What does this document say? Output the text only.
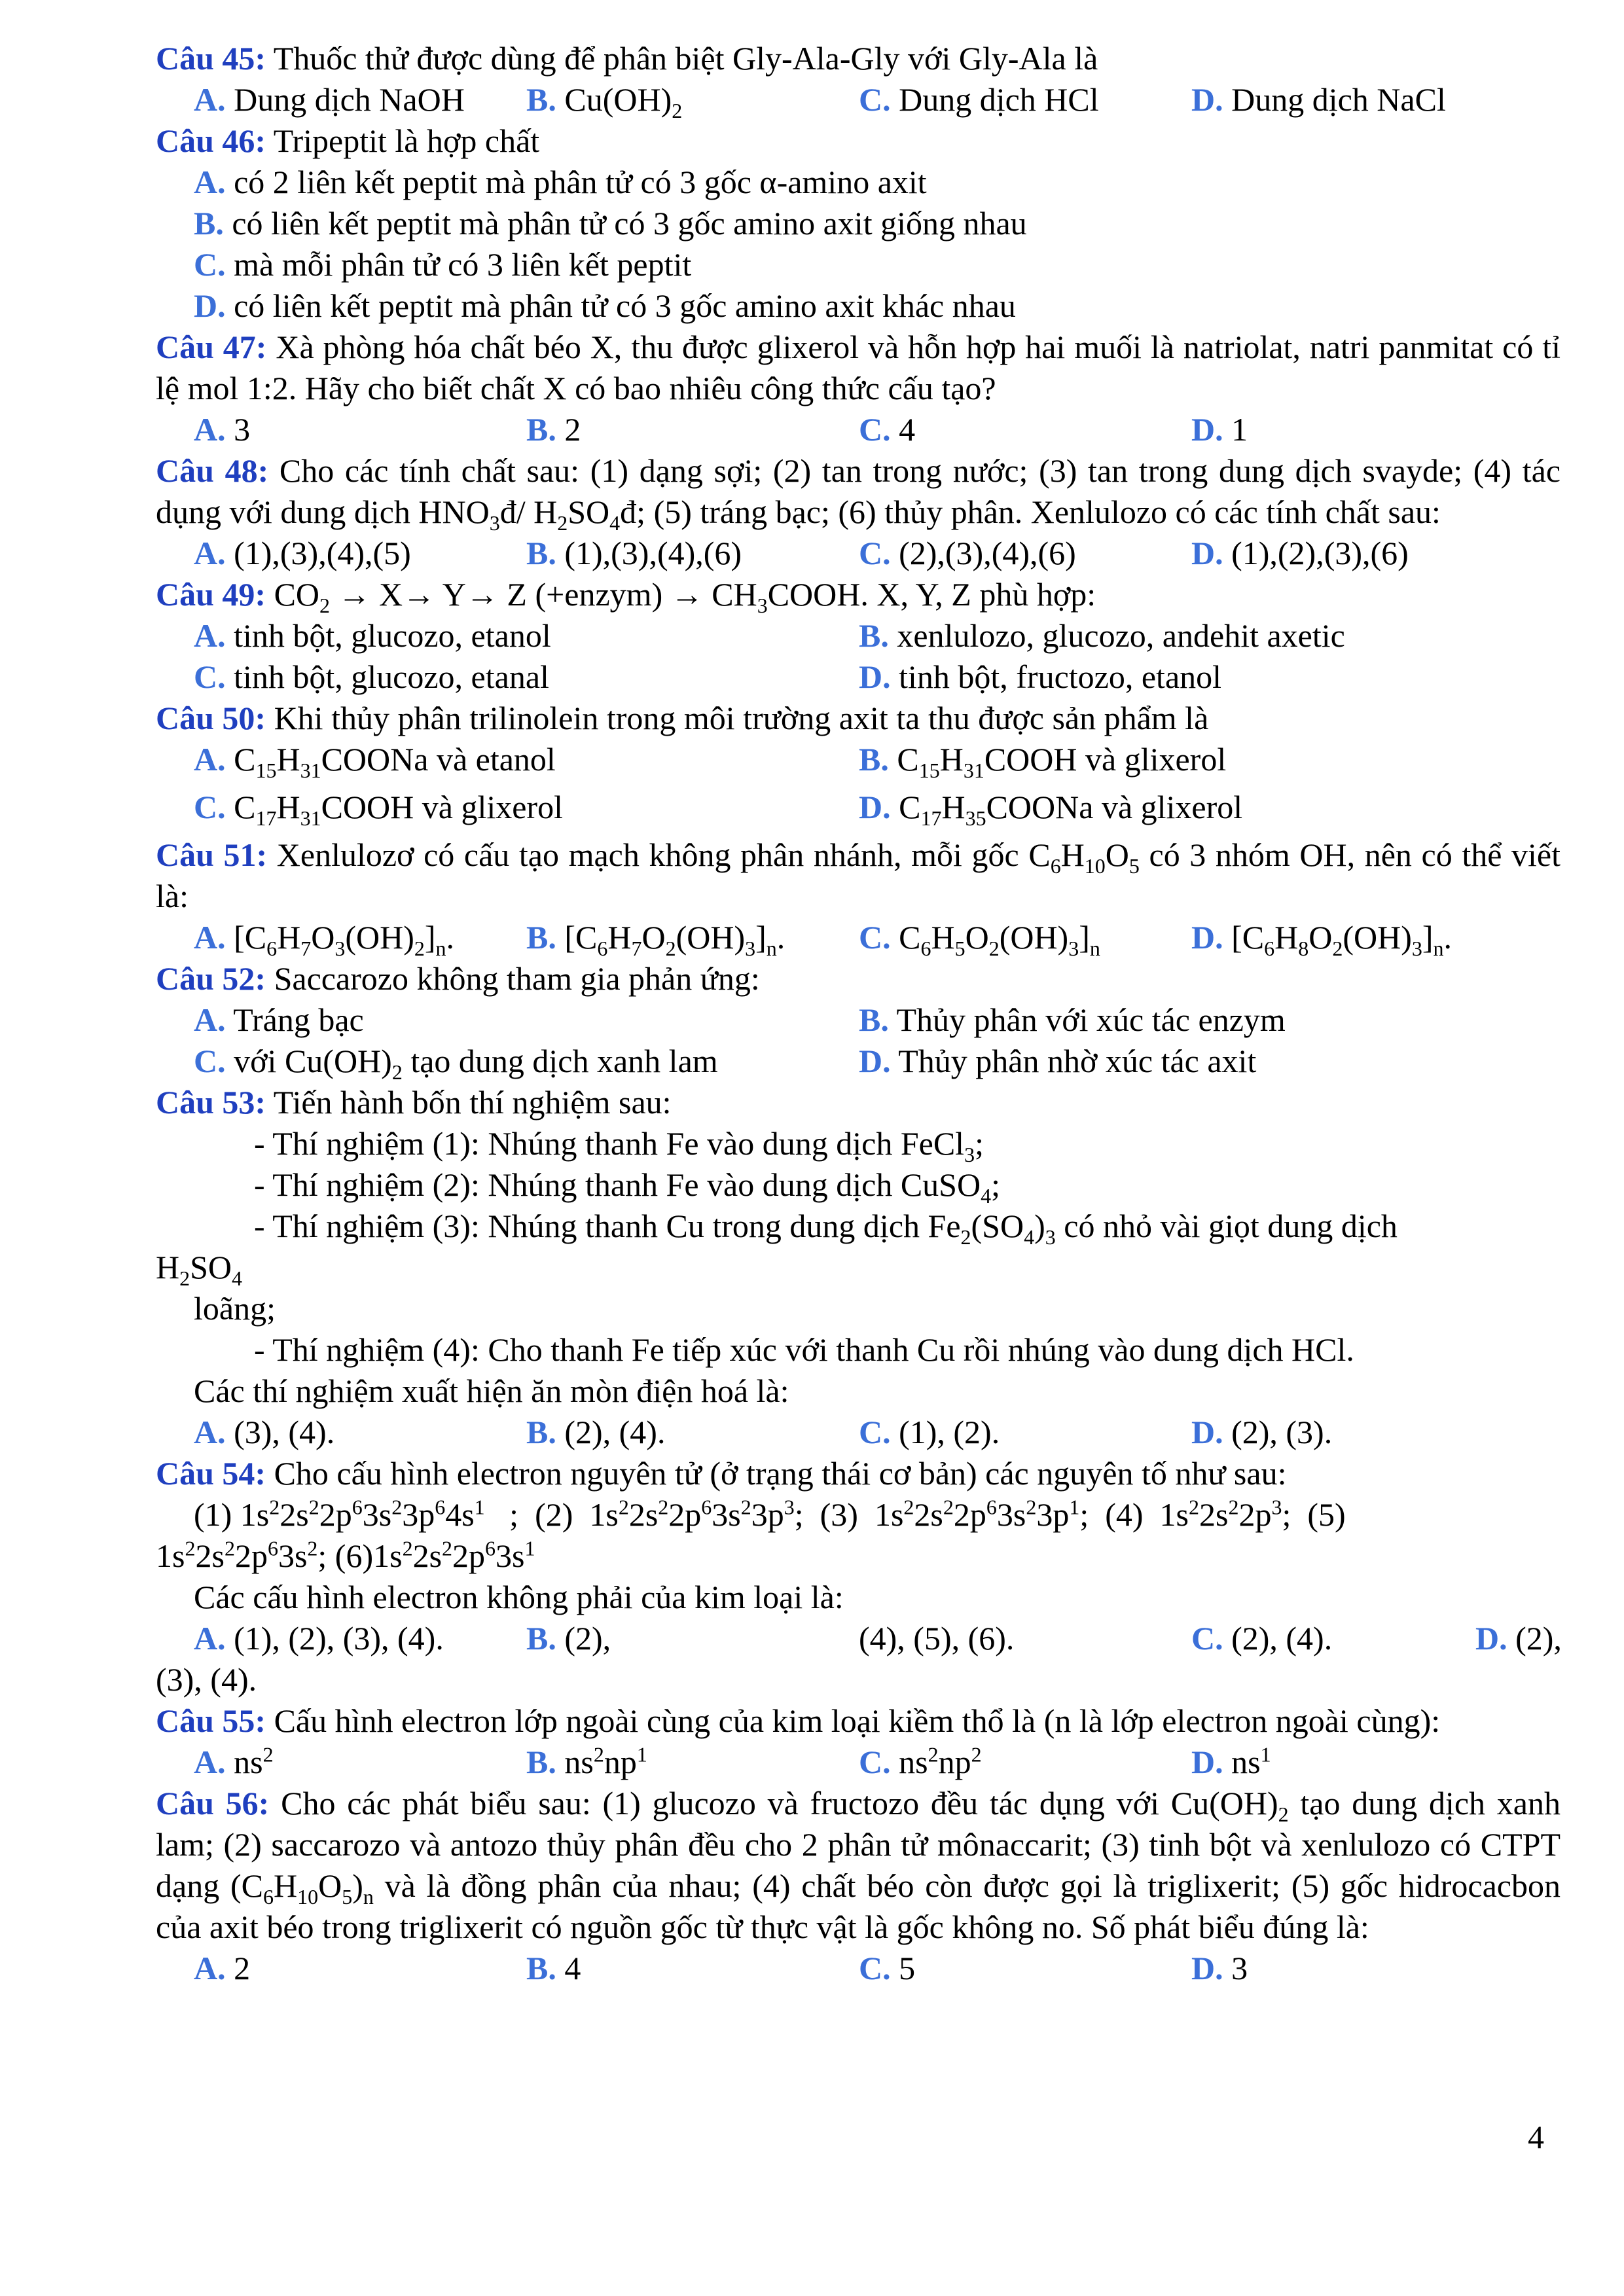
Câu 45: Thuốc thử được dùng để phân biệt Gly-Ala-Gly với Gly-Ala là
A. Dung dịch NaOH B. $Cu(OH)_2$	C. Dung dịch HCl	D. Dung dịch NaCl
Câu 46: Tripeptit là hợp chất
A. có 2 liên kết peptit mà phân tử có 3 gốc α-amino axit
B. có liên kết peptit mà phân tử có 3 gốc amino axit giống nhau
C. mà mỗi phân tử có 3 liên kết peptit
D. có liên kết peptit mà phân tử có 3 gốc amino axit khác nhau
Câu 47: Xà phòng hóa chất béo X, thu được glixerol và hỗn hợp hai muối là natriolat, natri panmitat có tỉ lệ mol 1:2. Hãy cho biết chất X có bao nhiêu công thức cấu tạo?
A. 3	B. 2	C. 4	D. 1
Câu 48: Cho các tính chất sau: (1) dạng sợi; (2) tan trong nước; (3) tan trong dung dịch svayde; (4) tác dụng với dung dịch $HNO_3đ/$ $H_2SO_4đ$; (5) tráng bạc; (6) thủy phân. Xenlulozo có các tính chất sau:
A. (1),(3),(4),(5)	B. (1),(3),(4),(6)	C. (2),(3),(4),(6)	D. (1),(2),(3),(6)
Câu 49: $CO_2 \to X\to Y\to Z$ (+enzym) → $CH_3COOH$. X, Y, Z phù hợp:
A. tinh bột, glucozo, etanol	B. xenlulozo, glucozo, andehit axetic
C. tinh bột, glucozo, etanal	D. tinh bột, fructozo, etanol
Câu 50: Khi thủy phân trilinolein trong môi trường axit ta thu được sản phẩm là
A. $C_{15}H_{31}COONa$ và etanol	B. $C_{15}H_{31}COOH$ và glixerol
C. $C_{17}H_{31}COOH$ và glixerol	D. $C_{17}H_{35}COONa$ và glixerol
Câu 51: Xenlulozơ có cấu tạo mạch không phân nhánh, mỗi gốc $C_6H_{10}O_5$ có 3 nhóm OH, nên có thể viết là:
A. $[C_6H_7O_3(OH)_2]_n$. B. $[C_6H_7O_2(OH)_3]_n$. C. $C_6H_5O_2(OH)_3]_n$	D. $[C_6H_8O_2(OH)_3]_n$.
Câu 52: Saccarozo không tham gia phản ứng:
A. Tráng bạc	B. Thủy phân với xúc tác enzym
C. với $Cu(OH)_2$ tạo dung dịch xanh lam	D. Thủy phân nhờ xúc tác axit
Câu 53: Tiến hành bốn thí nghiệm sau:
- Thí nghiệm (1): Nhúng thanh Fe vào dung dịch FeCl$_3$;
- Thí nghiệm (2): Nhúng thanh Fe vào dung dịch CuSO$_4$;
- Thí nghiệm (3): Nhúng thanh Cu trong dung dịch $Fe_2(SO_4)_3$ có nhỏ vài giọt dung dịch
$H_2SO_4$
loãng;
- Thí nghiệm (4): Cho thanh Fe tiếp xúc với thanh Cu rồi nhúng vào dung dịch HCl.
Các thí nghiệm xuất hiện ăn mòn điện hoá là:
A. (3), (4).	B. (2), (4).	C. (1), (2).	D. (2), (3).
Câu 54: Cho cấu hình electron nguyên tử (ở trạng thái cơ bản) các nguyên tố như sau:
(1) $1s^22s^22p^63s^23p^64s^1$   ;  (2)  $1s^22s^22p^63s^23p^3$;  (3)  $1s^22s^22p^63s^23p^1$;  (4)  $1s^22s^22p^3$;  (5)
$1s^22s^22p^63s^2$; $(6)1s^22s^22p^63s^1$
Các cấu hình electron không phải của kim loại là:
A. (1), (2), (3), (4).	B. (2),	(4), (5), (6).	C. (2), (4).	D. (2),
(3), (4).
Câu 55: Cấu hình electron lớp ngoài cùng của kim loại kiềm thổ là (n là lớp electron ngoài cùng):
A. $ns^2$	B. $ns^2np^1$	C. $ns^2np^2$	D. $ns^1$
Câu 56: Cho các phát biểu sau: (1) glucozo và fructozo đều tác dụng với $Cu(OH)_2$ tạo dung dịch xanh lam; (2) saccarozo và antozo thủy phân đều cho 2 phân tử mônaccarit; (3) tinh bột và xenlulozo có CTPT dạng $(C_6H_{10}O_5)_n$ và là đồng phân của nhau; (4) chất béo còn được gọi là triglixerit; (5) gốc hidrocacbon của axit béo trong triglixerit có nguồn gốc từ thực vật là gốc không no. Số phát biểu đúng là:
A. 2	B. 4	C. 5	D. 3
4
